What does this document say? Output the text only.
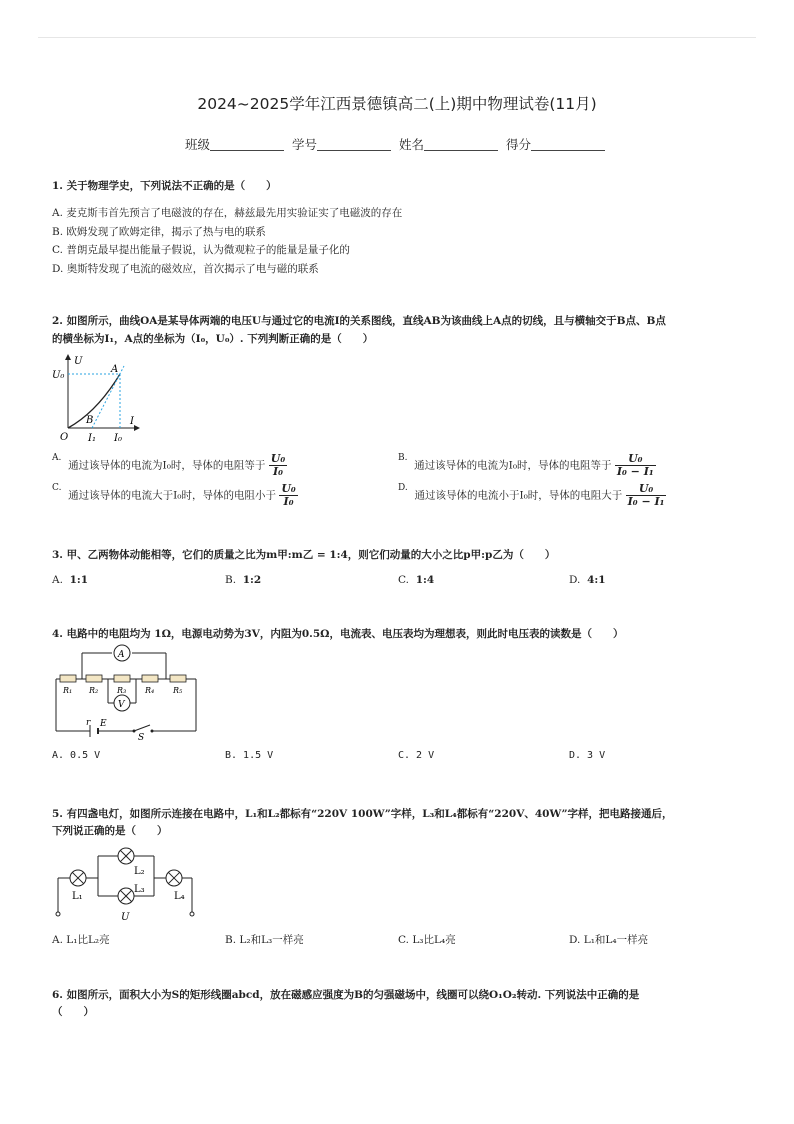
2024~2025学年江西景德镇高二(上)期中物理试卷(11月)
班级	学号	姓名	得分
1. 关于物理学史，下列说法不正确的是（　　）
A. 麦克斯韦首先预言了电磁波的存在，赫兹最先用实验证实了电磁波的存在
B. 欧姆发现了欧姆定律，揭示了热与电的联系
C. 普朗克最早提出能量子假说，认为微观粒子的能量是量子化的
D. 奥斯特发现了电流的磁效应，首次揭示了电与磁的联系
2. 如图所示，曲线OA是某导体两端的电压U与通过它的电流I的关系图线，直线AB为该曲线上A点的切线，且与横轴交于B点、B点
的横坐标为I₁，A点的坐标为（I₀，U₀）. 下列判断正确的是（　　）
U
U₀
A
B
O
I
I₁ I₀
A.  通过该导体的电流为I₀时，导体的电阻等于 $\frac{\text{U₀}}{\text{I₀}}$	B.  通过该导体的电流为I₀时，导体的电阻等于 $\frac{\text{U₀}}{\text{I₀ − I₁}}$
C.  通过该导体的电流大于I₀时，导体的电阻小于 $\frac{\text{U₀}}{\text{I₀}}$	D.  通过该导体的电流小于I₀时，导体的电阻大于 $\frac{\text{U₀}}{\text{I₀ − I₁}}$
3. 甲、乙两物体动能相等，它们的质量之比为m甲:m乙 = 1:4，则它们动量的大小之比p甲:p乙为（　　）
A. 1:1	B. 1:2	C. 1:4	D. 4:1
4. 电路中的电阻均为 1Ω，电源电动势为3V，内阻为0.5Ω，电流表、电压表均为理想表，则此时电压表的读数是（　　）
A
V
R₁ R₂ R₃ R₄ R₅
r E
S
A. 0.5 V	B. 1.5 V	C. 2 V	D. 3 V
5. 有四盏电灯，如图所示连接在电路中，L₁和L₂都标有“220V 100W”字样，L₃和L₄都标有“220V、40W”字样，把电路接通后，
下列说正确的是（　　）
L₁
L₂
L₃
L₄
U
A. L₁比L₂亮	B. L₂和L₃一样亮	C. L₃比L₄亮	D. L₁和L₄一样亮
6. 如图所示，面积大小为S的矩形线圈abcd，放在磁感应强度为B的匀强磁场中，线圈可以绕O₁O₂转动. 下列说法中正确的是
（　　）
